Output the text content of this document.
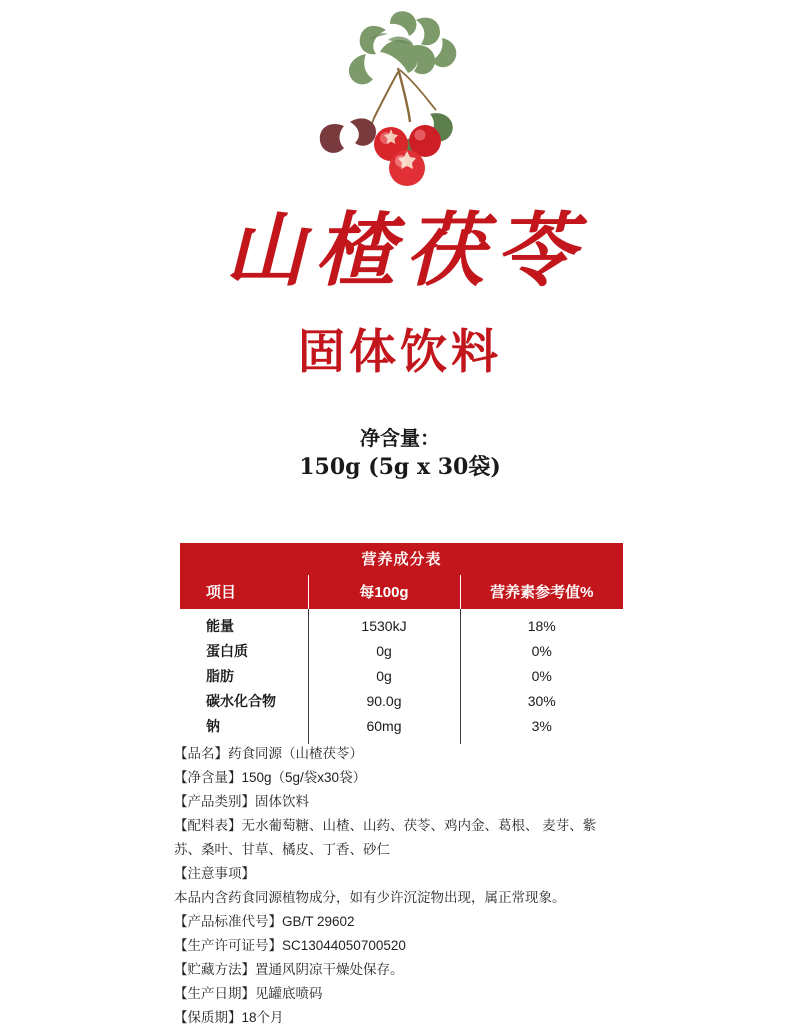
山楂茯苓
固体饮料
净含量：
150g (5g x 30袋)
营养成分表		
项目	每100g	营养素参考值%
能量	1530kJ	18%
蛋白质	0g	0%
脂肪	0g	0%
碳水化合物	90.0g	30%
钠	60mg	3%
【品名】药食同源（山楂茯苓）
【净含量】150g（5g/袋x30袋）
【产品类别】固体饮料
【配料表】无水葡萄糖、山楂、山药、茯苓、鸡内金、葛根、 麦芽、紫苏、桑叶、甘草、橘皮、丁香、砂仁
【注意事项】
本品内含药食同源植物成分，如有少许沉淀物出现，属正常现象。
【产品标准代号】GB/T 29602
【生产许可证号】SC13044050700520
【贮藏方法】置通风阴凉干燥处保存。
【生产日期】见罐底喷码
【保质期】18个月
